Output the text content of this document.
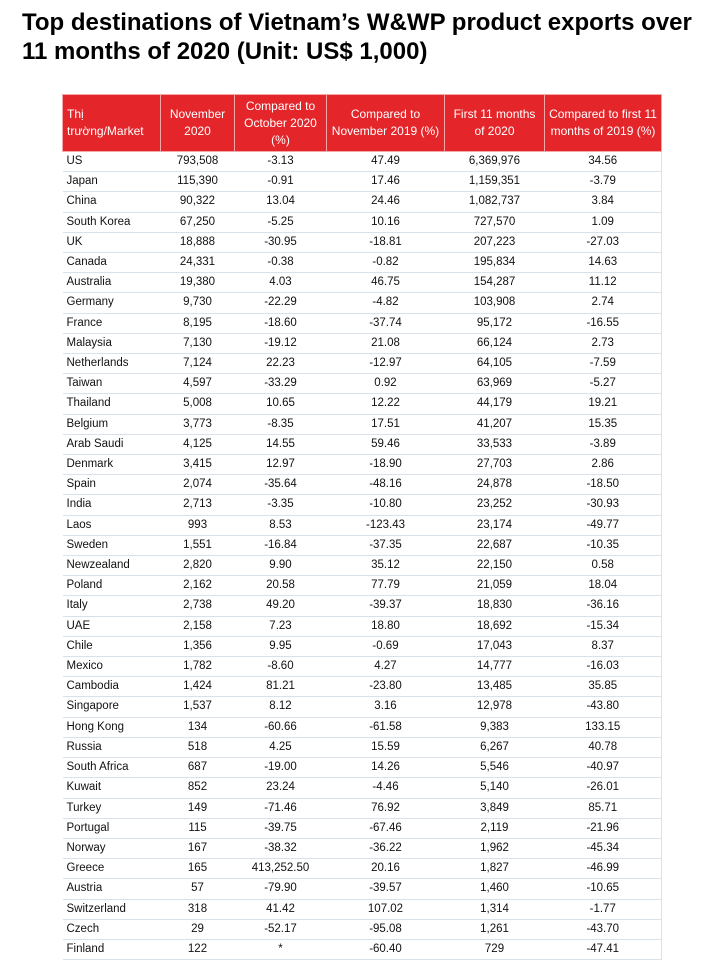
Top destinations of Vietnam’s W&WP product exports over 11 months of 2020 (Unit: US$ 1,000)
Thị trường/Market	November 2020	Compared to October 2020 (%)	Compared to November 2019 (%)	First 11 months of 2020	Compared to first 11 months of 2019 (%)
US	793,508	-3.13	47.49	6,369,976	34.56
Japan	115,390	-0.91	17.46	1,159,351	-3.79
China	90,322	13.04	24.46	1,082,737	3.84
South Korea	67,250	-5.25	10.16	727,570	1.09
UK	18,888	-30.95	-18.81	207,223	-27.03
Canada	24,331	-0.38	-0.82	195,834	14.63
Australia	19,380	4.03	46.75	154,287	11.12
Germany	9,730	-22.29	-4.82	103,908	2.74
France	8,195	-18.60	-37.74	95,172	-16.55
Malaysia	7,130	-19.12	21.08	66,124	2.73
Netherlands	7,124	22.23	-12.97	64,105	-7.59
Taiwan	4,597	-33.29	0.92	63,969	-5.27
Thailand	5,008	10.65	12.22	44,179	19.21
Belgium	3,773	-8.35	17.51	41,207	15.35
Arab Saudi	4,125	14.55	59.46	33,533	-3.89
Denmark	3,415	12.97	-18.90	27,703	2.86
Spain	2,074	-35.64	-48.16	24,878	-18.50
India	2,713	-3.35	-10.80	23,252	-30.93
Laos	993	8.53	-123.43	23,174	-49.77
Sweden	1,551	-16.84	-37.35	22,687	-10.35
Newzealand	2,820	9.90	35.12	22,150	0.58
Poland	2,162	20.58	77.79	21,059	18.04
Italy	2,738	49.20	-39.37	18,830	-36.16
UAE	2,158	7.23	18.80	18,692	-15.34
Chile	1,356	9.95	-0.69	17,043	8.37
Mexico	1,782	-8.60	4.27	14,777	-16.03
Cambodia	1,424	81.21	-23.80	13,485	35.85
Singapore	1,537	8.12	3.16	12,978	-43.80
Hong Kong	134	-60.66	-61.58	9,383	133.15
Russia	518	4.25	15.59	6,267	40.78
South Africa	687	-19.00	14.26	5,546	-40.97
Kuwait	852	23.24	-4.46	5,140	-26.01
Turkey	149	-71.46	76.92	3,849	85.71
Portugal	115	-39.75	-67.46	2,119	-21.96
Norway	167	-38.32	-36.22	1,962	-45.34
Greece	165	413,252.50	20.16	1,827	-46.99
Austria	57	-79.90	-39.57	1,460	-10.65
Switzerland	318	41.42	107.02	1,314	-1.77
Czech	29	-52.17	-95.08	1,261	-43.70
Finland	122	*	-60.40	729	-47.41
